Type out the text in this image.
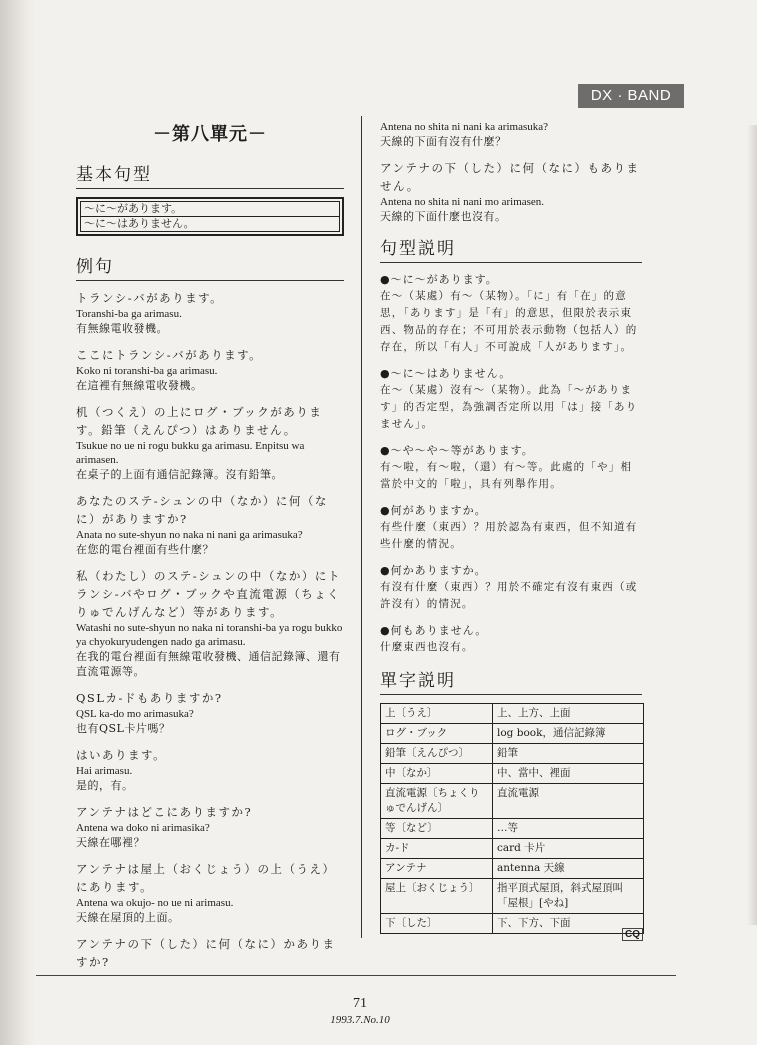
DX · BAND
－第八單元－
基本句型
～に～があります。
～に～はありません。
例句
トランシ-バがあります。
Toranshi-ba ga arimasu.
有無線電收發機。
ここにトランシ-バがあります。
Koko ni toranshi-ba ga arimasu.
在這裡有無線電收發機。
机（つくえ）の上にログ・ブックがあります。鉛筆（えんぴつ）はありません。
Tsukue no ue ni rogu bukku ga arimasu. Enpitsu wa arimasen.
在桌子的上面有通信記錄簿。沒有鉛筆。
あなたのステ-シュンの中（なか）に何（なに）がありますか?
Anata no sute-shyun no naka ni nani ga arimasuka?
在您的電台裡面有些什麼？
私（わたし）のステ-シュンの中（なか）にトランシ-バやログ・ブックや直流電源（ちょくりゅでんげんなど）等があります。
Watashi no sute-shyun no naka ni toranshi-ba ya rogu bukko ya chyokuryudengen nado ga arimasu.
在我的電台裡面有無線電收發機、通信記錄簿、還有直流電源等。
QSLカ-ドもありますか?
QSL ka-do mo arimasuka?
也有QSL卡片嗎？
はいあります。
Hai arimasu.
是的，有。
アンテナはどこにありますか?
Antena wa doko ni arimasika?
天線在哪裡？
アンテナは屋上（おくじょう）の上（うえ）にあります。
Antena wa okujo- no ue ni arimasu.
天線在屋頂的上面。
アンテナの下（した）に何（なに）かありますか?
Antena no shita ni nani ka arimasuka?
天線的下面有沒有什麼？
アンテナの下（した）に何（なに）もありません。
Antena no shita ni nani mo arimasen.
天線的下面什麼也沒有。
句型説明
●～に～があります。
在～（某處）有～（某物）。「に」有「在」的意思，「あります」是「有」的意思，但限於表示東西、物品的存在；不可用於表示動物（包括人）的存在，所以「有人」不可說成「人があります」。
●～に～はありません。
在～（某處）沒有～（某物）。此為「～があります」的否定型，為強調否定所以用「は」接「ありません」。
●～や～や～等があります。
有～啦，有～啦，（還）有～等。此處的「や」相當於中文的「啦」，具有列舉作用。
●何がありますか。
有些什麼（東西）？用於認為有東西，但不知道有些什麼的情況。
●何かありますか。
有沒有什麼（東西）？用於不確定有沒有東西（或許沒有）的情況。
●何もありません。
什麼東西也沒有。
單字説明
上〔うえ〕	上、上方、上面
ログ・ブック	log book，通信記錄簿
鉛筆〔えんぴつ〕	鉛筆
中〔なか〕	中、當中、裡面
直流電源〔ちょくりゅでんげん〕	直流電源
等〔など〕	…等
カ-ド	card 卡片
アンテナ	antenna 天線
屋上〔おくじょう〕	指平頂式屋頂，斜式屋頂叫「屋根」[やね]
下〔した〕	下、下方、下面
CQ
71
1993.7.No.10
